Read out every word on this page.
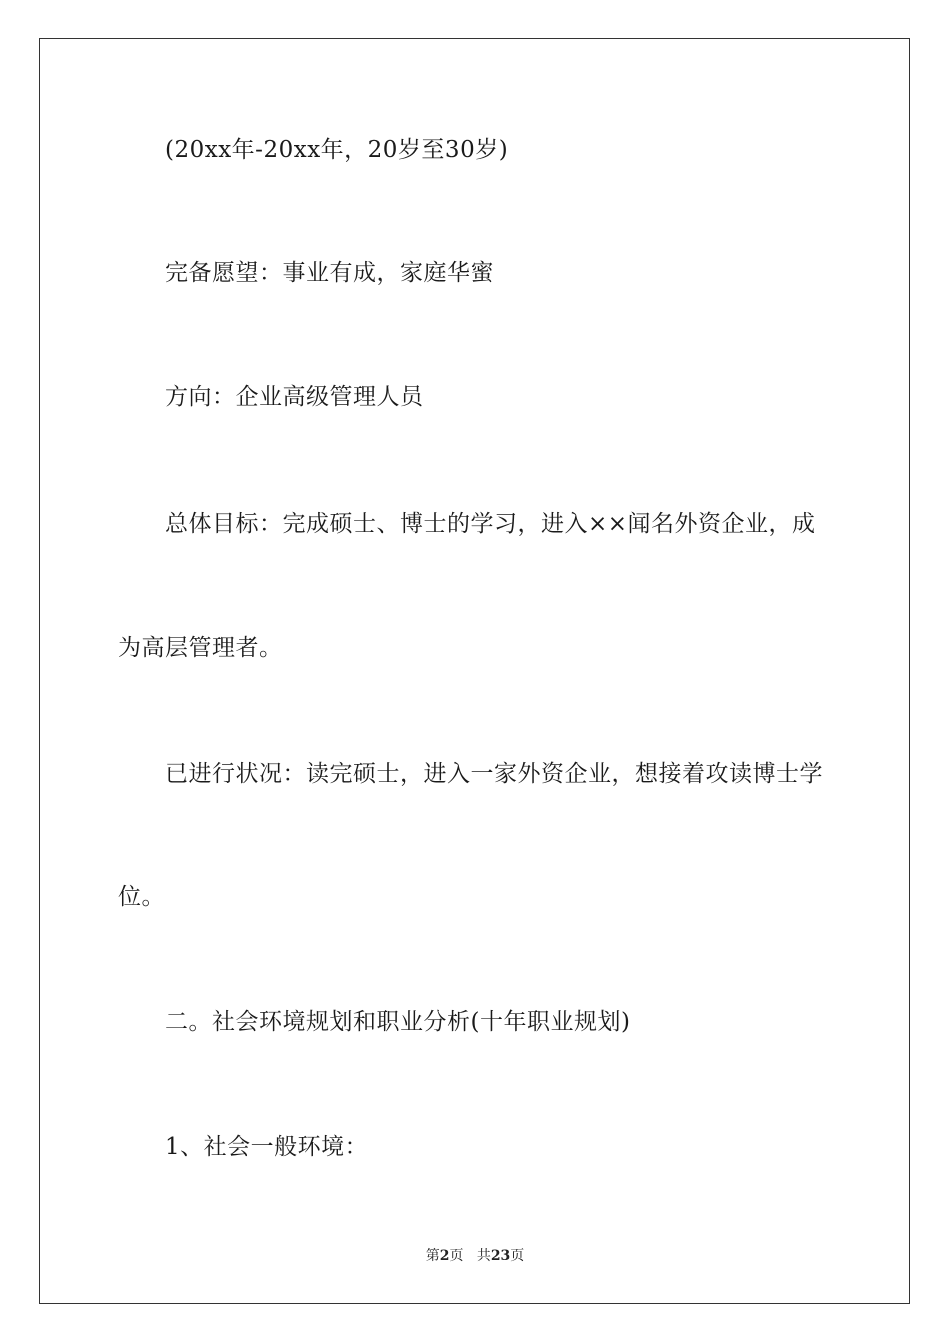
(20xx年-20xx年，20岁至30岁)
完备愿望：事业有成，家庭华蜜
方向：企业高级管理人员
总体目标：完成硕士、博士的学习，进入××闻名外资企业，成
为高层管理者。
已进行状况：读完硕士，进入一家外资企业，想接着攻读博士学
位。
二。社会环境规划和职业分析(十年职业规划)
1、社会一般环境：
第2页 共23页
